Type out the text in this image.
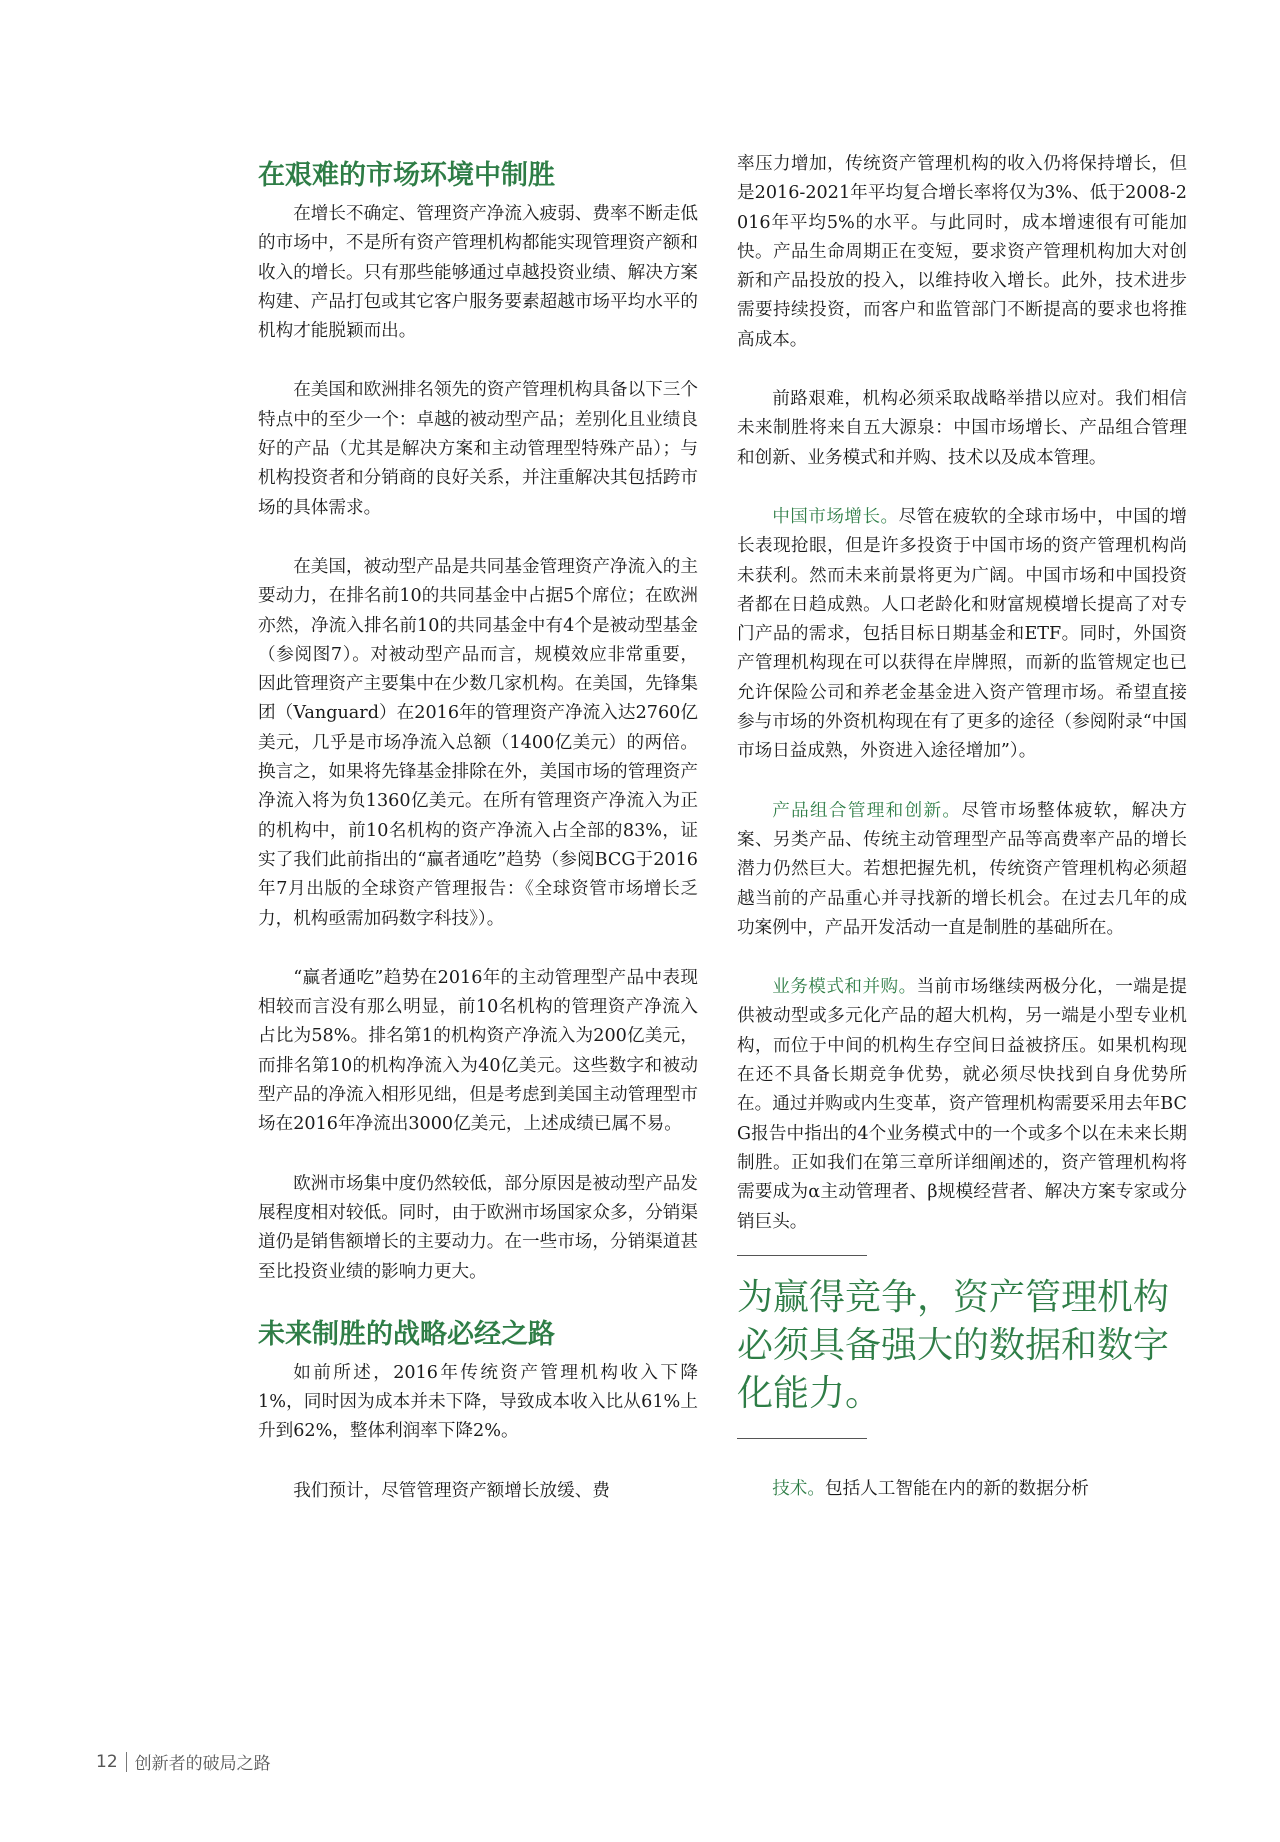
在艰难的市场环境中制胜

在增长不确定、管理资产净流入疲弱、费率不断走低的市场中，不是所有资产管理机构都能实现管理资产额和收入的增长。只有那些能够通过卓越投资业绩、解决方案构建、产品打包或其它客户服务要素超越市场平均水平的机构才能脱颖而出。

在美国和欧洲排名领先的资产管理机构具备以下三个特点中的至少一个：卓越的被动型产品；差别化且业绩良好的产品（尤其是解决方案和主动管理型特殊产品）；与机构投资者和分销商的良好关系，并注重解决其包括跨市场的具体需求。

在美国，被动型产品是共同基金管理资产净流入的主要动力，在排名前10的共同基金中占据5个席位；在欧洲亦然，净流入排名前10的共同基金中有4个是被动型基金（参阅图7）。对被动型产品而言，规模效应非常重要，因此管理资产主要集中在少数几家机构。在美国，先锋集团（Vanguard）在2016年的管理资产净流入达2760亿美元，几乎是市场净流入总额（1400亿美元）的两倍。换言之，如果将先锋基金排除在外，美国市场的管理资产净流入将为负1360亿美元。在所有管理资产净流入为正的机构中，前10名机构的资产净流入占全部的83%，证实了我们此前指出的“赢者通吃”趋势（参阅BCG于2016年7月出版的全球资产管理报告：《全球资管市场增长乏力，机构亟需加码数字科技》）。

“赢者通吃”趋势在2016年的主动管理型产品中表现相较而言没有那么明显，前10名机构的管理资产净流入占比为58%。排名第1的机构资产净流入为200亿美元，而排名第10的机构净流入为40亿美元。这些数字和被动型产品的净流入相形见绌，但是考虑到美国主动管理型市场在2016年净流出3000亿美元，上述成绩已属不易。

欧洲市场集中度仍然较低，部分原因是被动型产品发展程度相对较低。同时，由于欧洲市场国家众多，分销渠道仍是销售额增长的主要动力。在一些市场，分销渠道甚至比投资业绩的影响力更大。

未来制胜的战略必经之路

如前所述，2016年传统资产管理机构收入下降1%，同时因为成本并未下降，导致成本收入比从61%上升到62%，整体利润率下降2%。

我们预计，尽管管理资产额增长放缓、费

率压力增加，传统资产管理机构的收入仍将保持增长，但是2016-2021年平均复合增长率将仅为3%、低于2008-2016年平均5%的水平。与此同时，成本增速很有可能加快。产品生命周期正在变短，要求资产管理机构加大对创新和产品投放的投入，以维持收入增长。此外，技术进步需要持续投资，而客户和监管部门不断提高的要求也将推高成本。

前路艰难，机构必须采取战略举措以应对。我们相信未来制胜将来自五大源泉：中国市场增长、产品组合管理和创新、业务模式和并购、技术以及成本管理。

中国市场增长。尽管在疲软的全球市场中，中国的增长表现抢眼，但是许多投资于中国市场的资产管理机构尚未获利。然而未来前景将更为广阔。中国市场和中国投资者都在日趋成熟。人口老龄化和财富规模增长提高了对专门产品的需求，包括目标日期基金和ETF。同时，外国资产管理机构现在可以获得在岸牌照，而新的监管规定也已允许保险公司和养老金基金进入资产管理市场。希望直接参与市场的外资机构现在有了更多的途径（参阅附录“中国市场日益成熟，外资进入途径增加”）。

产品组合管理和创新。尽管市场整体疲软，解决方案、另类产品、传统主动管理型产品等高费率产品的增长潜力仍然巨大。若想把握先机，传统资产管理机构必须超越当前的产品重心并寻找新的增长机会。在过去几年的成功案例中，产品开发活动一直是制胜的基础所在。

业务模式和并购。当前市场继续两极分化，一端是提供被动型或多元化产品的超大机构，另一端是小型专业机构，而位于中间的机构生存空间日益被挤压。如果机构现在还不具备长期竞争优势，就必须尽快找到自身优势所在。通过并购或内生变革，资产管理机构需要采用去年BCG报告中指出的4个业务模式中的一个或多个以在未来长期制胜。正如我们在第三章所详细阐述的，资产管理机构将需要成为α主动管理者、β规模经营者、解决方案专家或分销巨头。

为赢得竞争，资产管理机构必须具备强大的数据和数字化能力。

技术。包括人工智能在内的新的数据分析

12 创新者的破局之路
